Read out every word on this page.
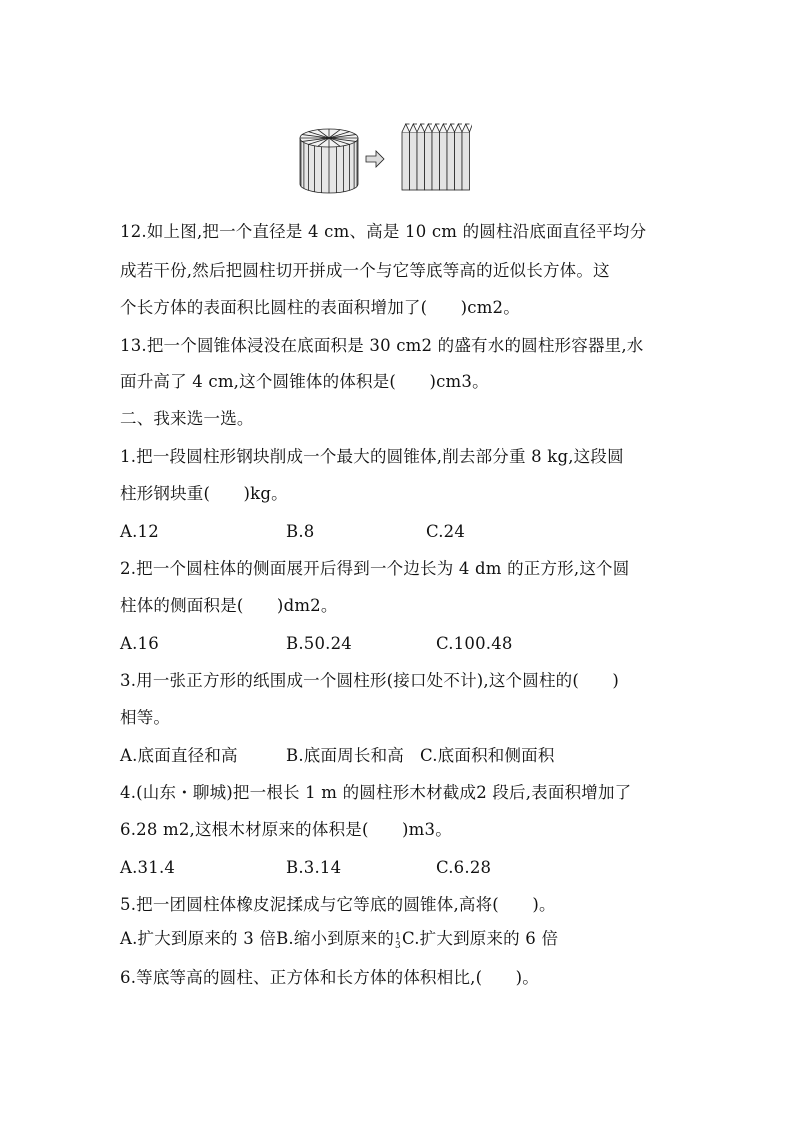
12.如上图,把一个直径是 4 cm、高是 10 cm 的圆柱沿底面直径平均分

成若干份,然后把圆柱切开拼成一个与它等底等高的近似长方体。这

个长方体的表面积比圆柱的表面积增加了(　　)cm2。

13.把一个圆锥体浸没在底面积是 30 cm2 的盛有水的圆柱形容器里,水

面升高了 4 cm,这个圆锥体的体积是(　　)cm3。

二、我来选一选。

1.把一段圆柱形钢块削成一个最大的圆锥体,削去部分重 8 kg,这段圆

柱形钢块重(　　)kg。

A.12	B.8	C.24

2.把一个圆柱体的侧面展开后得到一个边长为 4 dm 的正方形,这个圆

柱体的侧面积是(　　)dm2。

A.16	B.50.24	C.100.48

3.用一张正方形的纸围成一个圆柱形(接口处不计),这个圆柱的(　　)

相等。

A.底面直径和高	B.底面周长和高 C.底面积和侧面积

4.(山东・聊城)把一根长 1 m 的圆柱形木材截成2 段后,表面积增加了

6.28 m2,这根木材原来的体积是(　　)m3。

A.31.4	B.3.14	C.6.28

5.把一团圆柱体橡皮泥揉成与它等底的圆锥体,高将(　　)。

A.扩大到原来的 3 倍B.缩小到原来的 1
3 C.扩大到原来的 6 倍

6.等底等高的圆柱、正方体和长方体的体积相比,(　　)。
